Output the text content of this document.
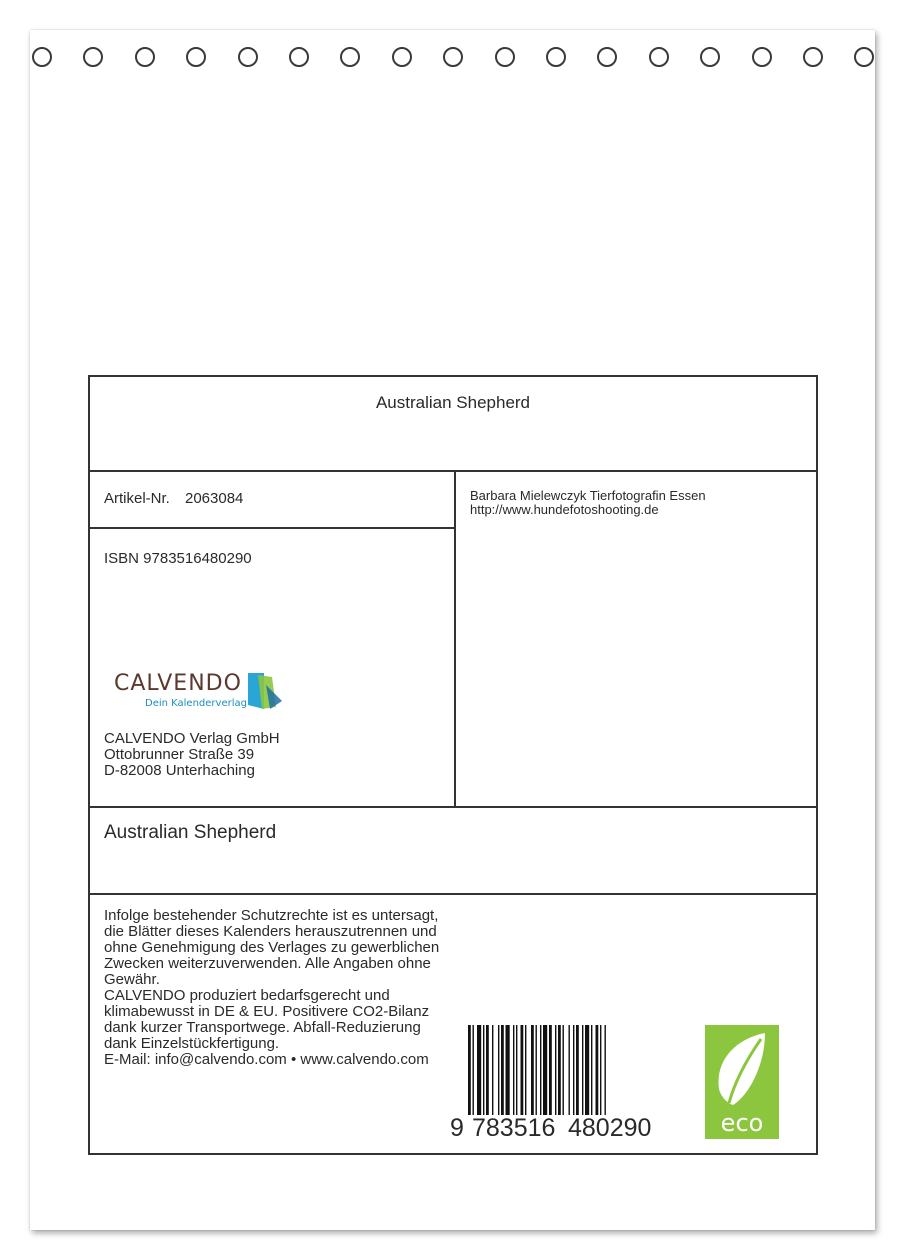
Australian Shepherd
Artikel-Nr. 2063084	Barbara Mielewczyk Tierfotografin Essen
http://www.hundefotoshooting.de
ISBN 9783516480290
CALVENDO
Dein Kalenderverlag
CALVENDO Verlag GmbH
Ottobrunner Straße 39
D-82008 Unterhaching
Australian Shepherd
Infolge bestehender Schutzrechte ist es untersagt, die Blätter dieses Kalenders herauszutrennen und ohne Genehmigung des Verlages zu gewerblichen Zwecken weiterzuverwenden. Alle Angaben ohne Gewähr.
CALVENDO produziert bedarfsgerecht und klimabewusst in DE & EU. Positivere CO2-Bilanz dank kurzer Transportwege. Abfall-Reduzierung dank Einzelstückfertigung.
E-Mail: info@calvendo.com • www.calvendo.com
9 783516 480290	eco
